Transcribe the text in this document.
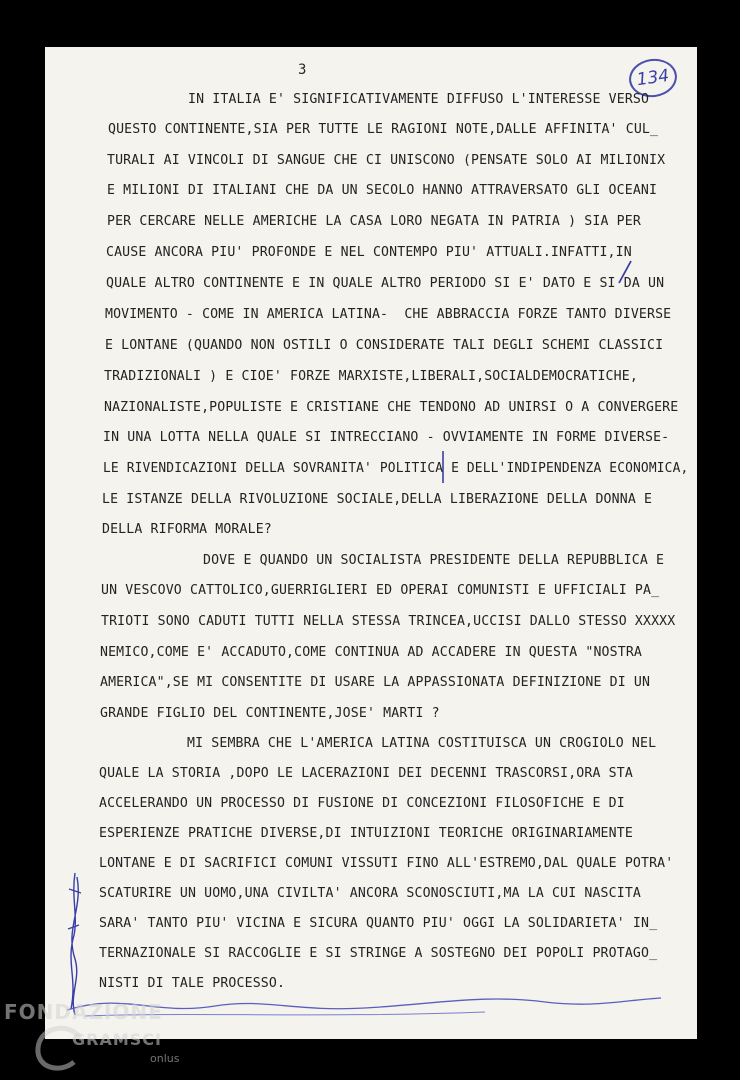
3	134
IN ITALIA E' SIGNIFICATIVAMENTE DIFFUSO L'INTERESSE VERSO
QUESTO CONTINENTE,SIA PER TUTTE LE RAGIONI NOTE,DALLE AFFINITA' CUL_
TURALI AI VINCOLI DI SANGUE CHE CI UNISCONO (PENSATE SOLO AI MILIONIX
E MILIONI DI ITALIANI CHE DA UN SECOLO HANNO ATTRAVERSATO GLI OCEANI
PER CERCARE NELLE AMERICHE LA CASA LORO NEGATA IN PATRIA ) SIA PER
CAUSE ANCORA PIU' PROFONDE E NEL CONTEMPO PIU' ATTUALI.INFATTI,IN
QUALE ALTRO CONTINENTE E IN QUALE ALTRO PERIODO SI E' DATO E SI DA UN
MOVIMENTO - COME IN AMERICA LATINA-  CHE ABBRACCIA FORZE TANTO DIVERSE
E LONTANE (QUANDO NON OSTILI O CONSIDERATE TALI DEGLI SCHEMI CLASSICI
TRADIZIONALI ) E CIOE' FORZE MARXISTE,LIBERALI,SOCIALDEMOCRATICHE,
NAZIONALISTE,POPULISTE E CRISTIANE CHE TENDONO AD UNIRSI O A CONVERGERE
IN UNA LOTTA NELLA QUALE SI INTRECCIANO - OVVIAMENTE IN FORME DIVERSE-
LE RIVENDICAZIONI DELLA SOVRANITA' POLITICA E DELL'INDIPENDENZA ECONOMICA,
LE ISTANZE DELLA RIVOLUZIONE SOCIALE,DELLA LIBERAZIONE DELLA DONNA E
DELLA RIFORMA MORALE?
DOVE E QUANDO UN SOCIALISTA PRESIDENTE DELLA REPUBBLICA E
UN VESCOVO CATTOLICO,GUERRIGLIERI ED OPERAI COMUNISTI E UFFICIALI PA_
TRIOTI SONO CADUTI TUTTI NELLA STESSA TRINCEA,UCCISI DALLO STESSO XXXXX
NEMICO,COME E' ACCADUTO,COME CONTINUA AD ACCADERE IN QUESTA "NOSTRA
AMERICA",SE MI CONSENTITE DI USARE LA APPASSIONATA DEFINIZIONE DI UN
GRANDE FIGLIO DEL CONTINENTE,JOSE' MARTI ?
MI SEMBRA CHE L'AMERICA LATINA COSTITUISCA UN CROGIOLO NEL
QUALE LA STORIA ,DOPO LE LACERAZIONI DEI DECENNI TRASCORSI,ORA STA
ACCELERANDO UN PROCESSO DI FUSIONE DI CONCEZIONI FILOSOFICHE E DI
ESPERIENZE PRATICHE DIVERSE,DI INTUIZIONI TEORICHE ORIGINARIAMENTE
LONTANE E DI SACRIFICI COMUNI VISSUTI FINO ALL'ESTREMO,DAL QUALE POTRA'
SCATURIRE UN UOMO,UNA CIVILTA' ANCORA SCONOSCIUTI,MA LA CUI NASCITA
SARA' TANTO PIU' VICINA E SICURA QUANTO PIU' OGGI LA SOLIDARIETA' IN_
TERNAZIONALE SI RACCOGLIE E SI STRINGE A SOSTEGNO DEI POPOLI PROTAGO_
NISTI DI TALE PROCESSO.
FONDAZIONE
GRAMSCI
onlus
